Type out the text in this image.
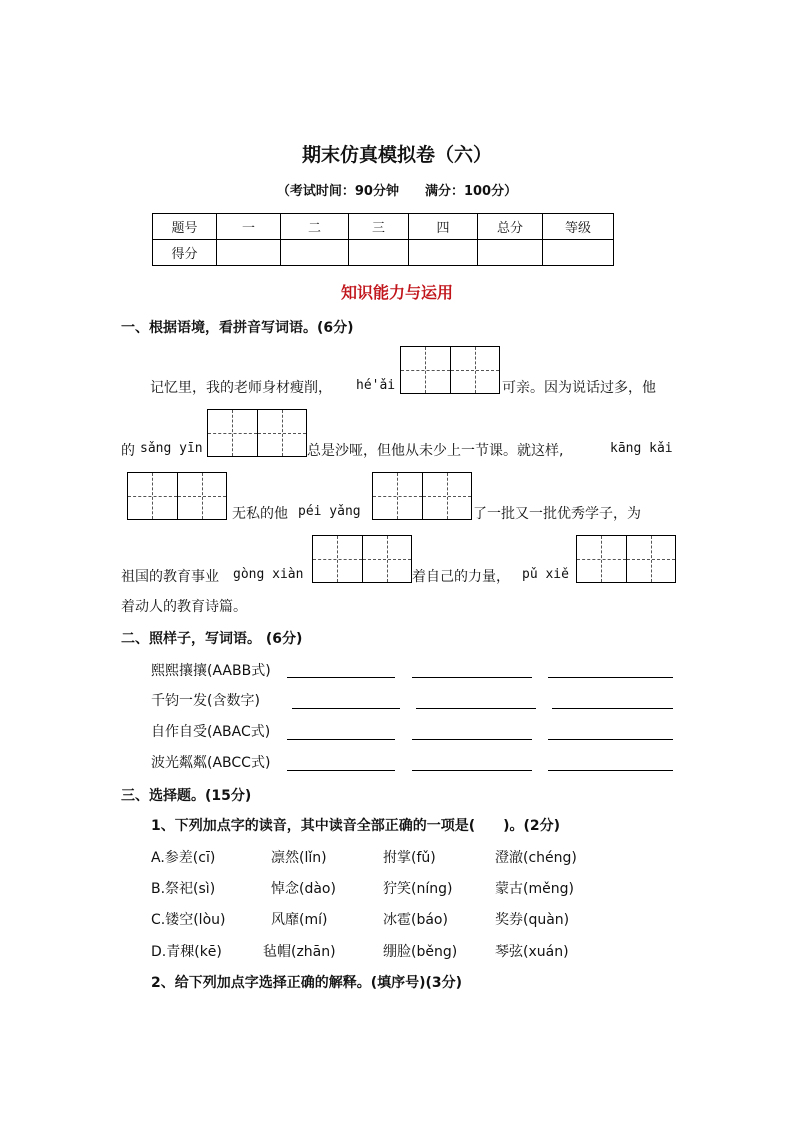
期末仿真模拟卷（六）
（考试时间：90分钟　　满分：100分）
题号	一	二	三	四	总分	等级
得分						
知识能力与运用
一、根据语境，看拼音写词语。(6分)
记忆里，我的老师身材瘦削， hé'ǎi	可亲。因为说话过多，他
的 sǎng yīn	总是沙哑，但他从未少上一节课。就这样,	kāng kǎi
无私的他 péi yǎng	了一批又一批优秀学子，为
祖国的教育事业 gòng xiàn	着自己的力量， pǔ xiě
着动人的教育诗篇。
二、照样子，写词语。 (6分)
熙熙攘攘(AABB式)
千钧一发(含数字)
自作自受(ABAC式)
波光粼粼(ABCC式)
三、选择题。(15分)
1、下列加点字的读音，其中读音全部正确的一项是(　　)。(2分)
A.参差(cī)	凛然(lǐn)	拊掌(fǔ)	澄澈(chéng)
B.祭祀(sì)	悼念(dào)	狞笑(níng)	蒙古(měng)
C.镂空(lòu)	风靡(mí)	冰雹(báo)	奖券(quàn)
D.青稞(kē)	毡帽(zhān)	绷脸(běng)	琴弦(xuán)
2、给下列加点字选择正确的解释。(填序号)(3分)
